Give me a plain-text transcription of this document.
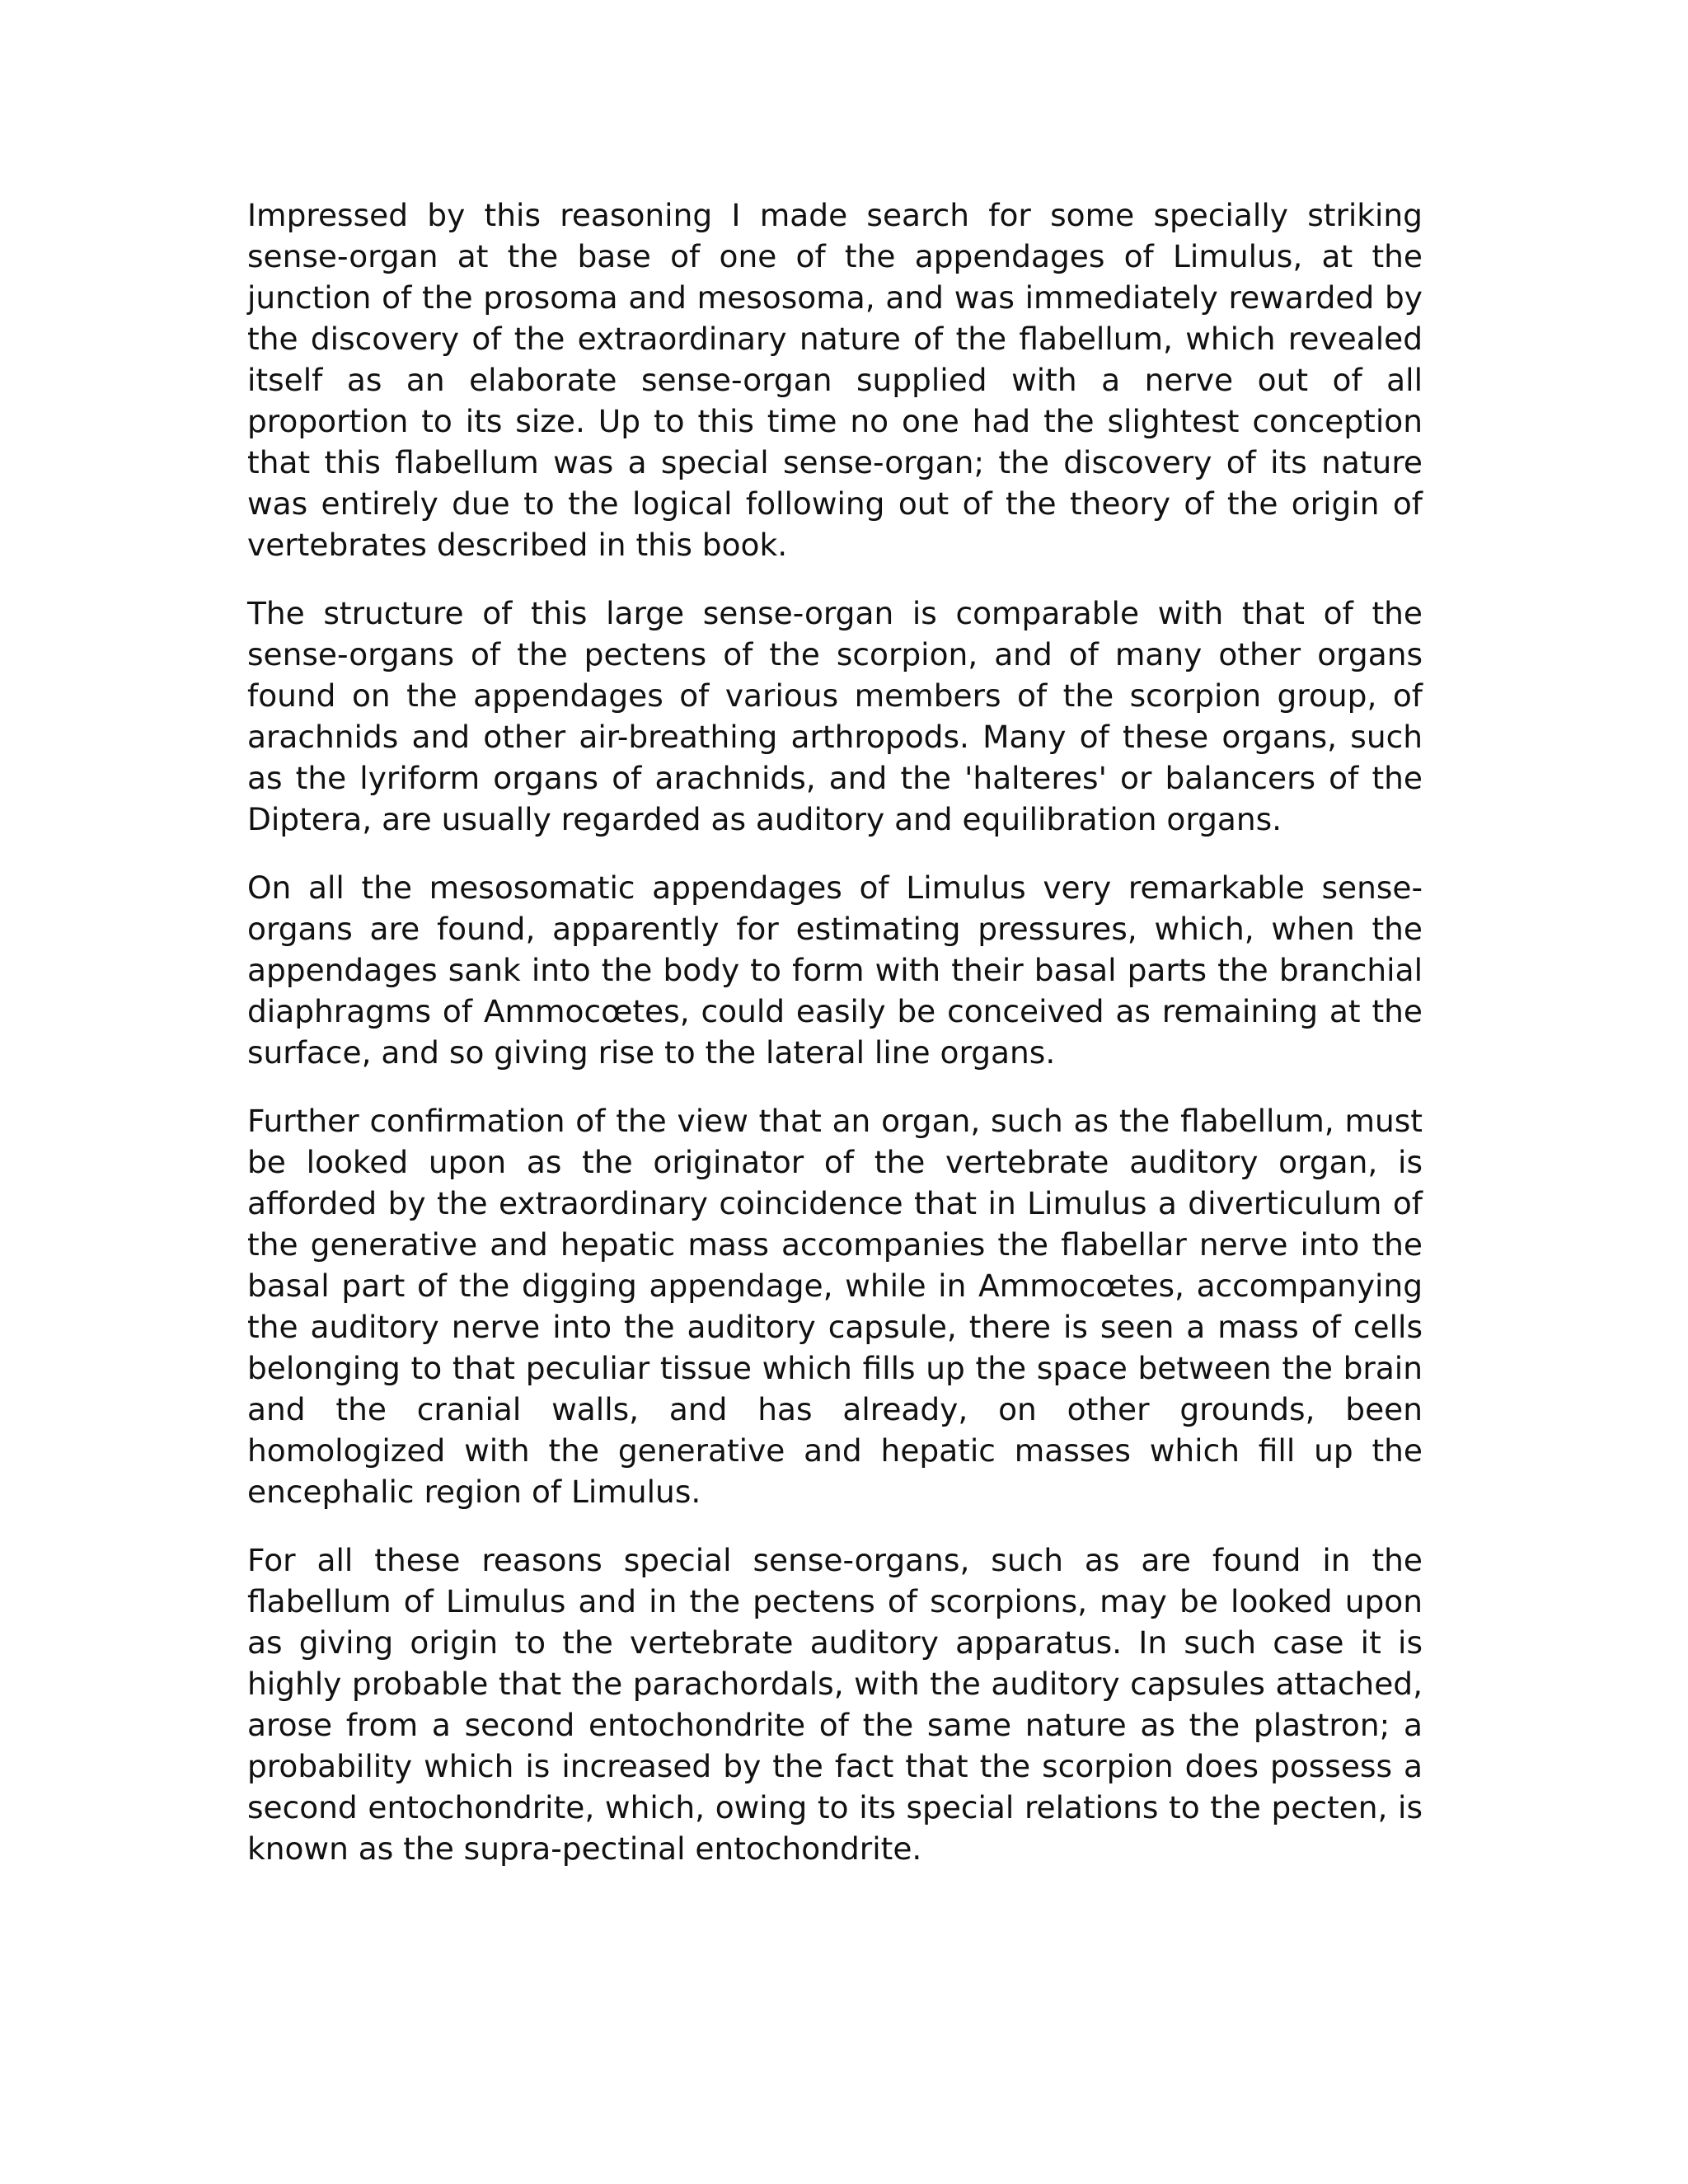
Impressed by this reasoning I made search for some specially striking sense-organ at the base of one of the appendages of Limulus, at the junction of the prosoma and mesosoma, and was immediately rewarded by the discovery of the extraordinary nature of the flabellum, which revealed itself as an elaborate sense-organ supplied with a nerve out of all proportion to its size. Up to this time no one had the slightest conception that this flabellum was a special sense-organ; the discovery of its nature was entirely due to the logical following out of the theory of the origin of vertebrates described in this book.

The structure of this large sense-organ is comparable with that of the sense-organs of the pectens of the scorpion, and of many other organs found on the appendages of various members of the scorpion group, of arachnids and other air-breathing arthropods. Many of these organs, such as the lyriform organs of arachnids, and the 'halteres' or balancers of the Diptera, are usually regarded as auditory and equilibration organs.

On all the mesosomatic appendages of Limulus very remarkable sense-organs are found, apparently for estimating pressures, which, when the appendages sank into the body to form with their basal parts the branchial diaphragms of Ammocœtes, could easily be conceived as remaining at the surface, and so giving rise to the lateral line organs.

Further confirmation of the view that an organ, such as the flabellum, must be looked upon as the originator of the vertebrate auditory organ, is afforded by the extraordinary coincidence that in Limulus a diverticulum of the generative and hepatic mass accompanies the flabellar nerve into the basal part of the digging appendage, while in Ammocœtes, accompanying the auditory nerve into the auditory capsule, there is seen a mass of cells belonging to that peculiar tissue which fills up the space between the brain and the cranial walls, and has already, on other grounds, been homologized with the generative and hepatic masses which fill up the encephalic region of Limulus.

For all these reasons special sense-organs, such as are found in the flabellum of Limulus and in the pectens of scorpions, may be looked upon as giving origin to the vertebrate auditory apparatus. In such case it is highly probable that the parachordals, with the auditory capsules attached, arose from a second entochondrite of the same nature as the plastron; a probability which is increased by the fact that the scorpion does possess a second entochondrite, which, owing to its special relations to the pecten, is known as the supra-pectinal entochondrite.
